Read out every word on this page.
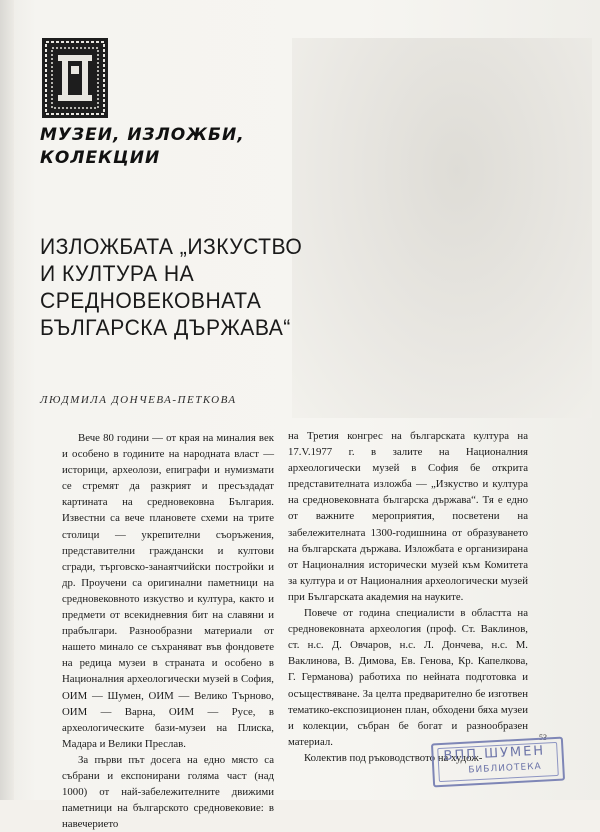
МУЗЕИ, ИЗЛОЖБИ,
КОЛЕКЦИИ
ИЗЛОЖБАТА „ИЗКУСТВО
И КУЛТУРА НА
СРЕДНОВЕКОВНАТА
БЪЛГАРСКА ДЪРЖАВА“
ЛЮДМИЛА ДОНЧЕВА-ПЕТКОВА

Вече 80 години — от края на миналия век и особено в годините на народната власт — историци, археолози, епиграфи и нумизмати се стремят да разкрият и пресъздадат картината на средновековна България. Известни са вече плановете схеми на трите столици — укрепителни съоръжения, представителни граждански и култови сгради, търговско-занаятчийски постройки и др. Проучени са оригинални паметници на средновековното изкуство и култура, както и предмети от всекидневния бит на славяни и прабългари. Разнообразни материали от нашето минало се съхраняват във фондовете на редица музеи в страната и особено в Националния археологически музей в София, ОИМ — Шумен, ОИМ — Велико Търново, ОИМ — Варна, ОИМ — Русе, в археологическите бази-музеи на Плиска, Мадара и Велики Преслав.

За първи път досега на едно място са събрани и експонирани голяма част (над 1000) от най-забележителните движими паметници на българското средновековие: в навечерието

на Третия конгрес на българската култура на 17.V.1977 г. в залите на Националния археологически музей в София бе открита представителната изложба — „Изкуство и култура на средновековната българска държава“. Тя е едно от важните мероприятия, посветени на забележителната 1300-годишнина от образуването на българската държава. Изложбата е организирана от Националния исторически музей към Комитета за култура и от Националния археологически музей при Българската академия на науките.

Повече от година специалисти в областта на средновековната археология (проф. Ст. Ваклинов, ст. н.с. Д. Овчаров, н.с. Л. Дончева, н.с. М. Ваклинова, В. Димова, Ев. Генова, Кр. Капелкова, Г. Германова) работиха по нейната подготовка и осъществяване. За целта предварително бе изготвен тематико-експозиционен план, обходени бяха музеи и колекции, събран бе богат и разнообразен материал.

Колектив под ръководството на худож-

53
ВПП ШУМЕН
БИБЛИОТЕКА
